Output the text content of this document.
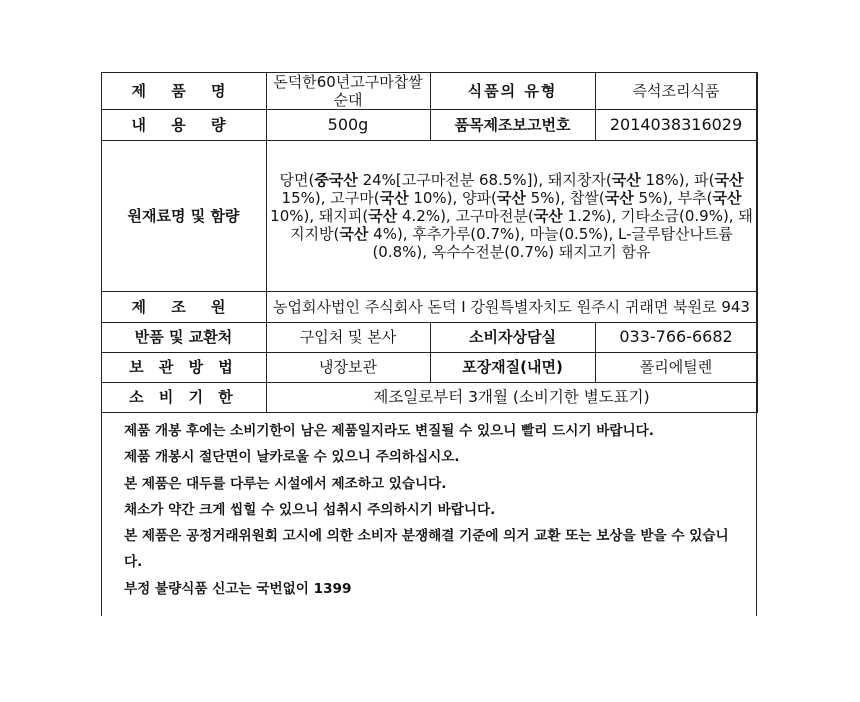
제 품 명	돈덕한60년고구마찹쌀순대	식품의 유형	즉석조리식품
내 용 량	500g	품목제조보고번호	2014038316029
원재료명 및 함량	당면(중국산 24%[고구마전분 68.5%]), 돼지창자(국산 18%), 파(국산 15%), 고구마(국산 10%), 양파(국산 5%), 찹쌀(국산 5%), 부추(국산 10%), 돼지피(국산 4.2%), 고구마전분(국산 1.2%), 기타소금(0.9%), 돼지지방(국산 4%), 후추가루(0.7%), 마늘(0.5%), L-글루탐산나트륨(0.8%), 옥수수전분(0.7%) 돼지고기 함유		
제 조 원	농업회사법인 주식회사 돈덕 I 강원특별자치도 원주시 귀래면 북원로 943		
반품 및 교환처	구입처 및 본사	소비자상담실	033-766-6682
보 관 방 법	냉장보관	포장재질(내면)	폴리에틸렌
소 비 기 한	제조일로부터 3개월 (소비기한 별도표기)		

제품 개봉 후에는 소비기한이 남은 제품일지라도 변질될 수 있으니 빨리 드시기 바랍니다.

제품 개봉시 절단면이 날카로울 수 있으니 주의하십시오.

본 제품은 대두를 다루는 시설에서 제조하고 있습니다.

채소가 약간 크게 씹힐 수 있으니 섭취시 주의하시기 바랍니다.

본 제품은 공정거래위원회 고시에 의한 소비자 분쟁해결 기준에 의거 교환 또는 보상을 받을 수 있습니다.

부정 불량식품 신고는 국번없이 1399
